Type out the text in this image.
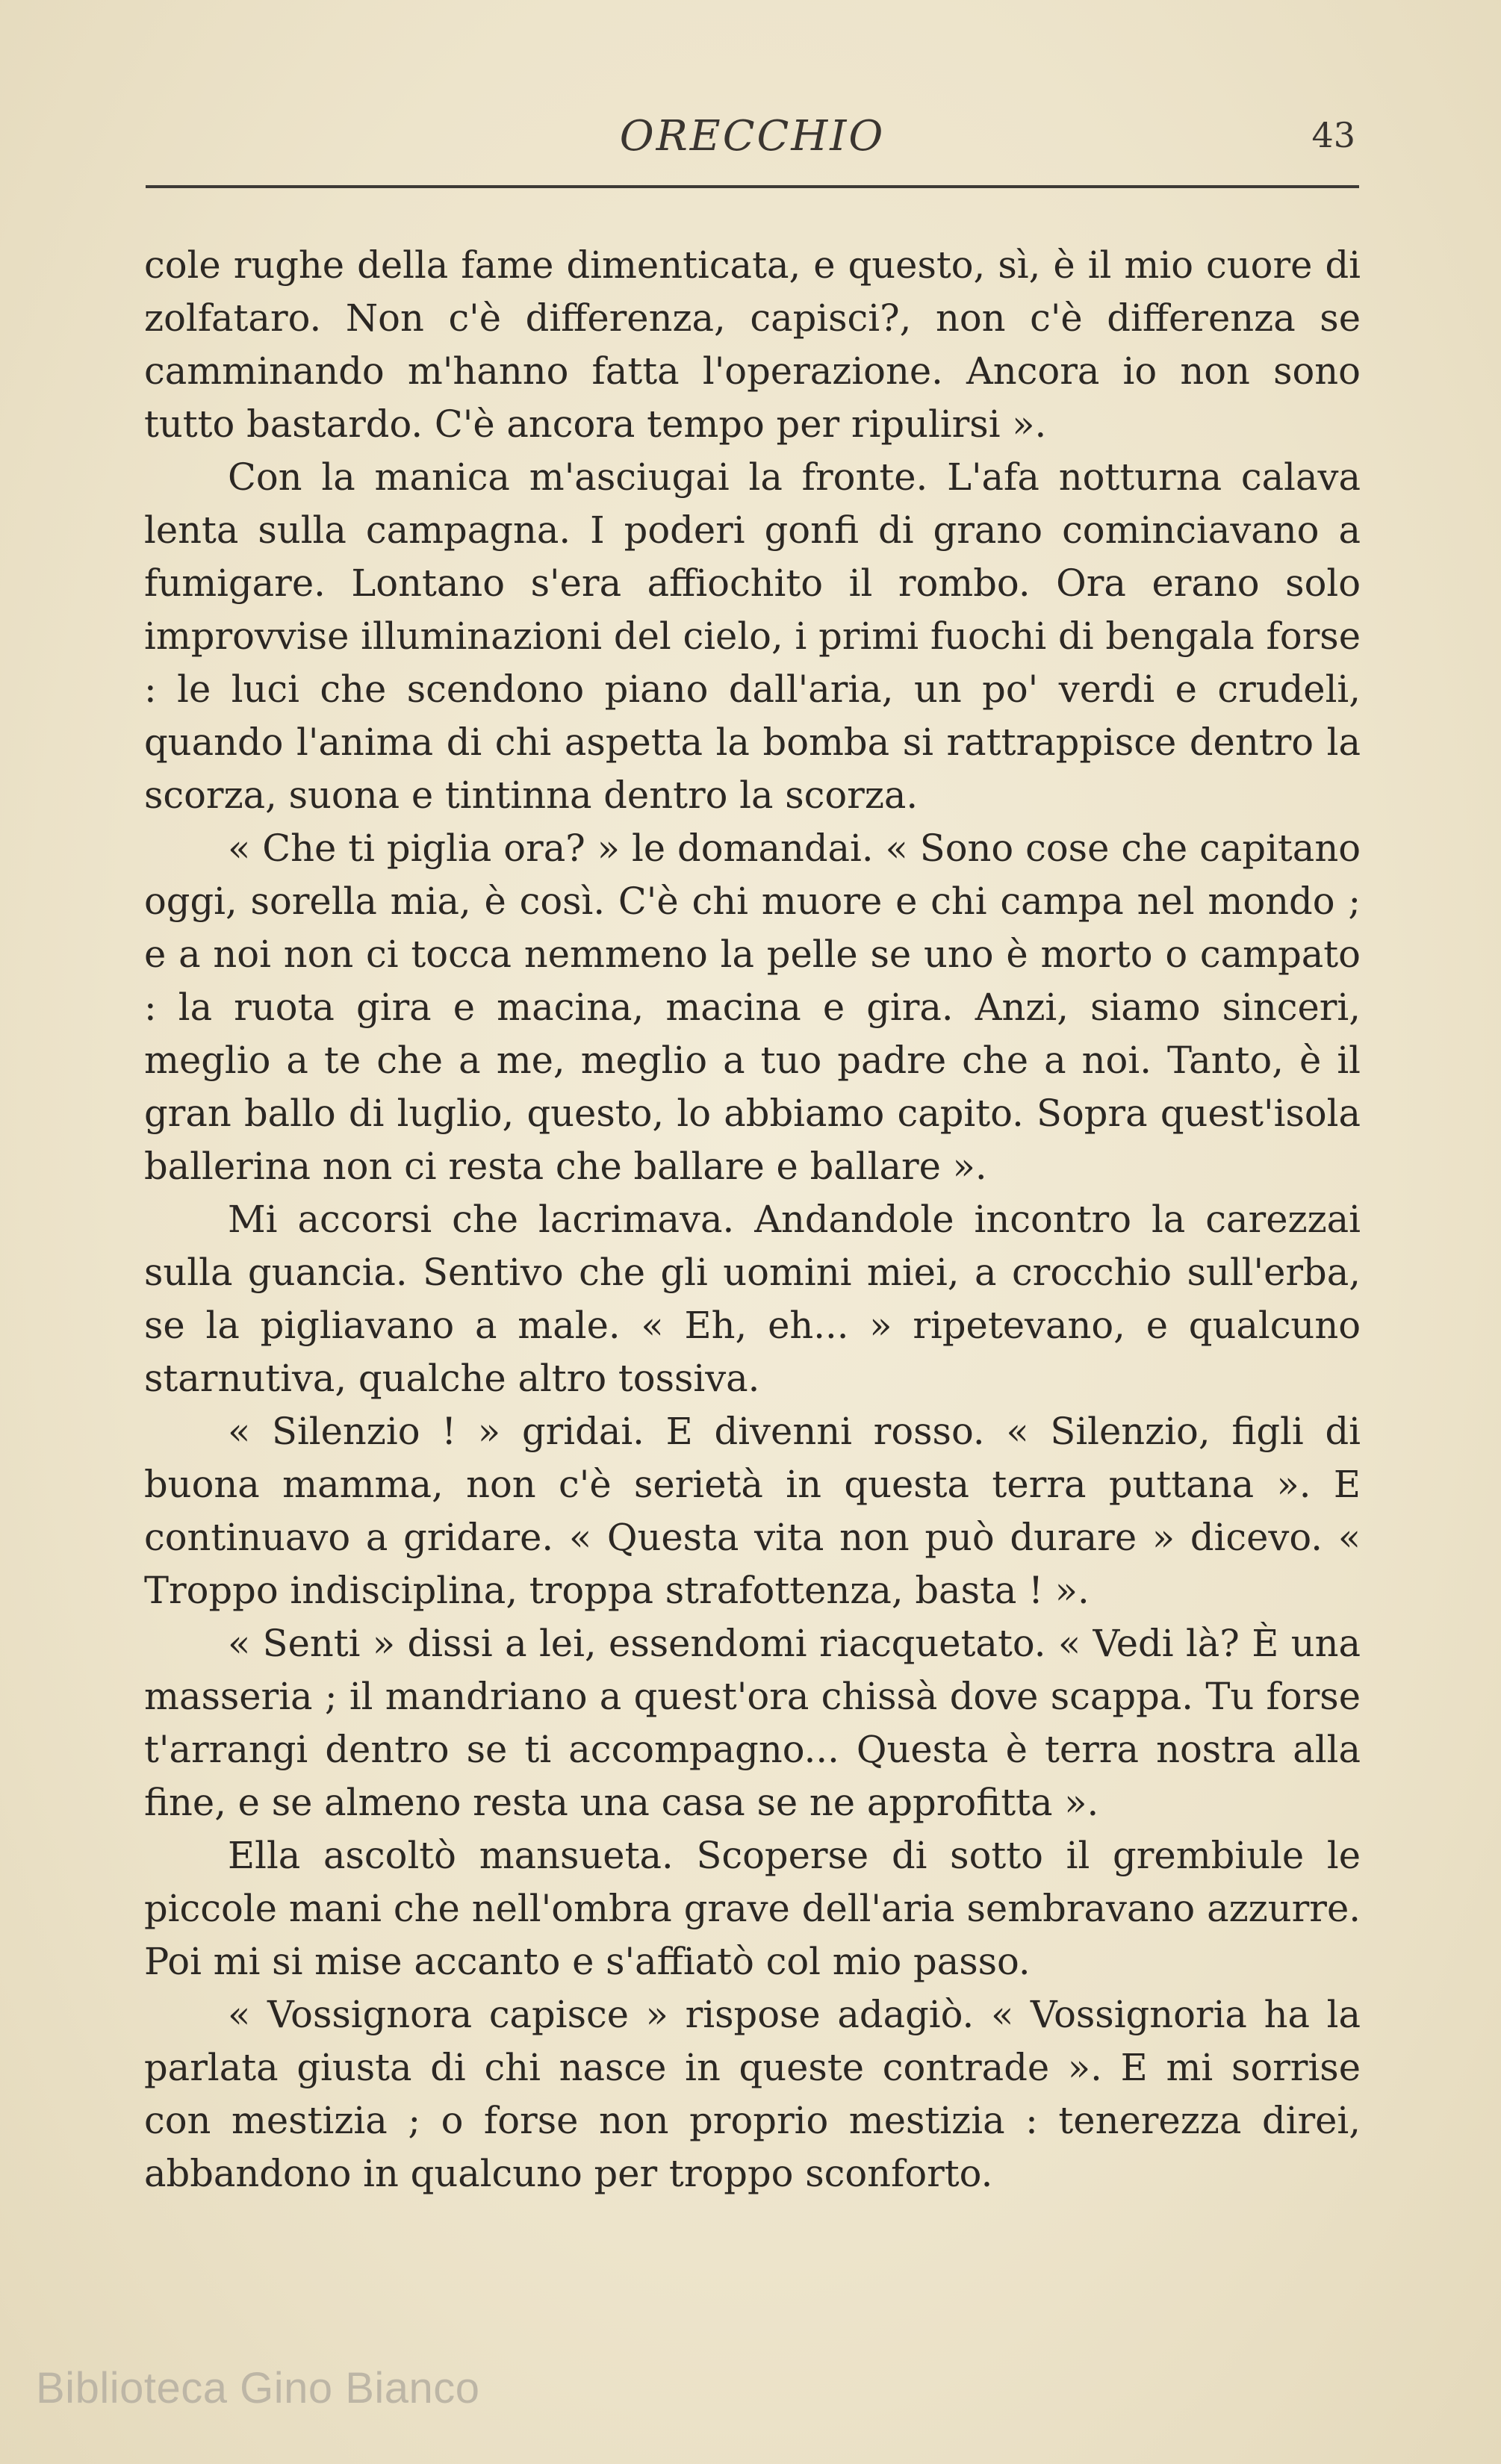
ORECCHIO	43

cole rughe della fame dimenticata, e questo, sì, è il mio cuore di zolfataro. Non c'è differenza, capisci?, non c'è differenza se camminando m'hanno fatta l'operazione. Ancora io non sono tutto bastardo. C'è ancora tempo per ripulirsi ».

Con la manica m'asciugai la fronte. L'afa notturna calava lenta sulla campagna. I poderi gonfi di grano cominciavano a fumigare. Lontano s'era affiochito il rombo. Ora erano solo improvvise illuminazioni del cielo, i primi fuochi di bengala forse : le luci che scendono piano dall'aria, un po' verdi e crudeli, quando l'anima di chi aspetta la bomba si rattrappisce dentro la scorza, suona e tintinna dentro la scorza.

« Che ti piglia ora? » le domandai. « Sono cose che capitano oggi, sorella mia, è così. C'è chi muore e chi campa nel mondo ; e a noi non ci tocca nemmeno la pelle se uno è morto o campato : la ruota gira e macina, macina e gira. Anzi, siamo sinceri, meglio a te che a me, meglio a tuo padre che a noi. Tanto, è il gran ballo di luglio, questo, lo abbiamo capito. Sopra quest'isola ballerina non ci resta che ballare e ballare ».

Mi accorsi che lacrimava. Andandole incontro la carezzai sulla guancia. Sentivo che gli uomini miei, a crocchio sull'erba, se la pigliavano a male. « Eh, eh... » ripetevano, e qualcuno starnutiva, qualche altro tossiva.

« Silenzio ! » gridai. E divenni rosso. « Silenzio, figli di buona mamma, non c'è serietà in questa terra puttana ». E continuavo a gridare. « Questa vita non può durare » dicevo. « Troppo indisciplina, troppa strafottenza, basta ! ».

« Senti » dissi a lei, essendomi riacquetato. « Vedi là? È una masseria ; il mandriano a quest'ora chissà dove scappa. Tu forse t'arrangi dentro se ti accompagno... Questa è terra nostra alla fine, e se almeno resta una casa se ne approfitta ».

Ella ascoltò mansueta. Scoperse di sotto il grembiule le piccole mani che nell'ombra grave dell'aria sembravano azzurre. Poi mi si mise accanto e s'affiatò col mio passo.

« Vossignora capisce » rispose adagiò. « Vossignoria ha la parlata giusta di chi nasce in queste contrade ». E mi sorrise con mestizia ; o forse non proprio mestizia : tenerezza direi, abbandono in qualcuno per troppo sconforto.

Biblioteca Gino Bianco
